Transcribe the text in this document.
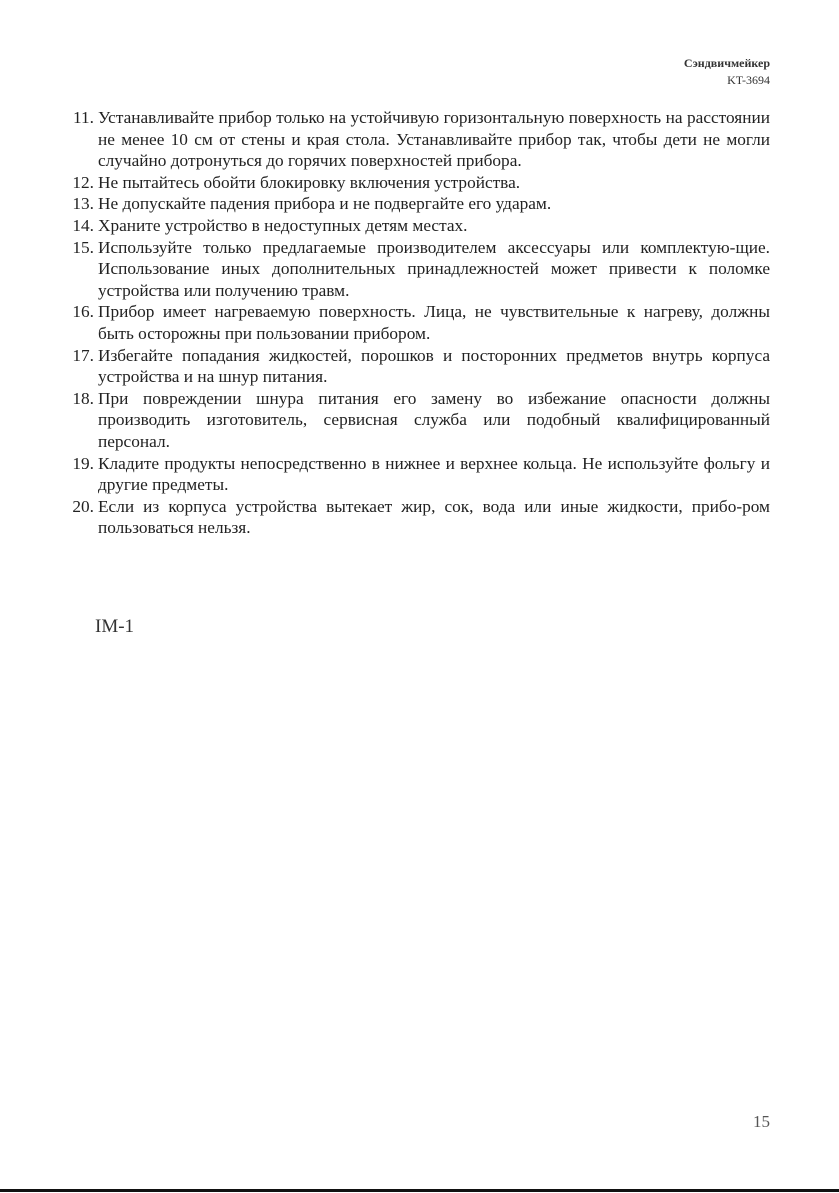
Сэндвичмейкер
KT-3694
11. Устанавливайте прибор только на устойчивую горизонтальную поверхность на расстоянии не менее 10 см от стены и края стола. Устанавливайте прибор так, чтобы дети не могли случайно дотронуться до горячих поверхностей прибора.
12. Не пытайтесь обойти блокировку включения устройства.
13. Не допускайте падения прибора и не подвергайте его ударам.
14. Храните устройство в недоступных детям местах.
15. Используйте только предлагаемые производителем аксессуары или комплектую-щие. Использование иных дополнительных принадлежностей может привести к поломке устройства или получению травм.
16. Прибор имеет нагреваемую поверхность. Лица, не чувствительные к нагреву, должны быть осторожны при пользовании прибором.
17. Избегайте попадания жидкостей, порошков и посторонних предметов внутрь корпуса устройства и на шнур питания.
18. При повреждении шнура питания его замену во избежание опасности должны производить изготовитель, сервисная служба или подобный квалифицированный персонал.
19. Кладите продукты непосредственно в нижнее и верхнее кольца. Не используйте фольгу и другие предметы.
20. Если из корпуса устройства вытекает жир, сок, вода или иные жидкости, прибо-ром пользоваться нельзя.
IM-1
15
